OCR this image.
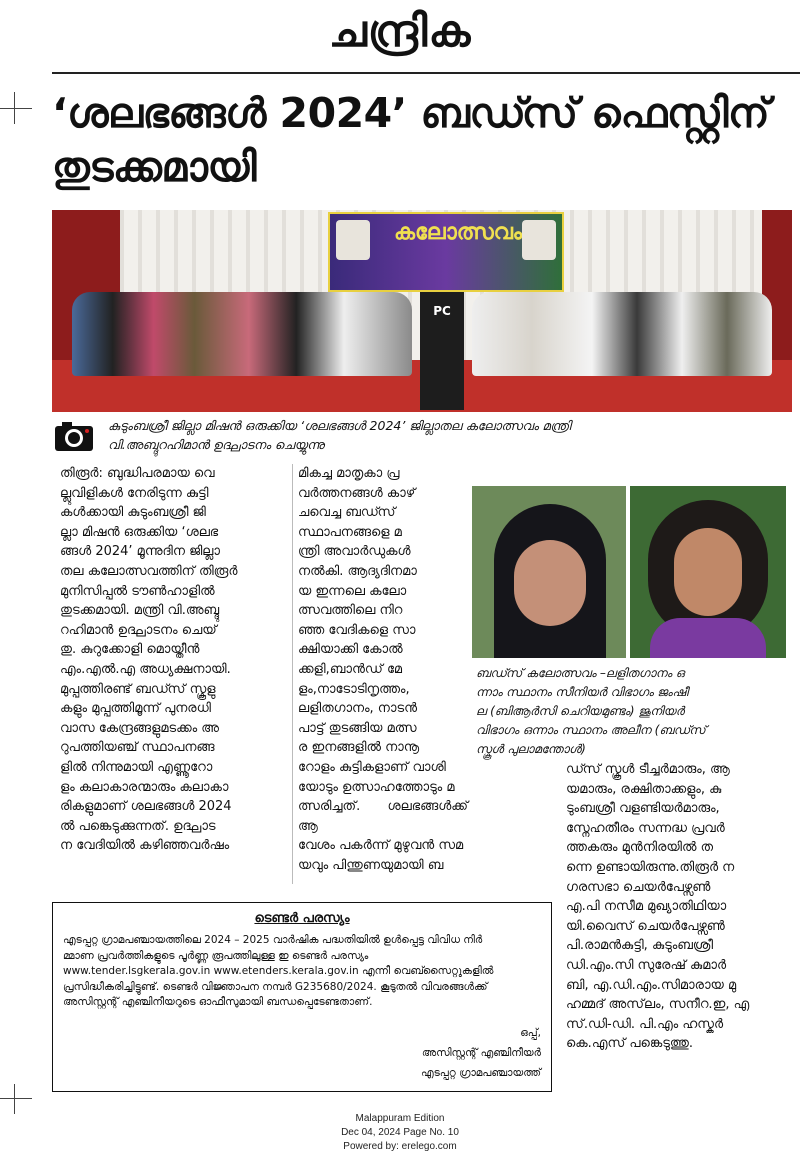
ചന്ദ്രിക
‘ശലഭങ്ങൾ 2024’ ബഡ്സ് ഫെസ്റ്റിന്
തുടക്കമായി
കലോത്സവം
PC
കുടുംബശ്രീ ജില്ലാ മിഷൻ ഒരുക്കിയ ‘ശലഭങ്ങൾ 2024’ ജില്ലാതല കലോത്സവം മന്ത്രി
വി.അബ്ദുറഹിമാൻ ഉദ്ഘാടനം ചെയ്യുന്നു
തിരൂർ: ബുദ്ധിപരമായ വെ
ല്ലുവിളികൾ നേരിടുന്ന കുട്ടി
കൾക്കായി കുടുംബശ്രീ ജി
ല്ലാ മിഷൻ ഒരുക്കിയ ‘ശലഭ
ങ്ങൾ 2024’ മൂന്നുദിന ജില്ലാ
തല കലോത്സവത്തിന് തിരൂർ
മുനിസിപ്പൽ ടൗൺഹാളിൽ
തുടക്കമായി. മന്ത്രി വി.അബ്ദു
റഹിമാൻ ഉദ്ഘാടനം ചെയ്
തു. കുറുക്കോളി മൊയ്തീൻ
എം.എൽ.എ അധ്യക്ഷനായി.
മുപ്പത്തിരണ്ട് ബഡ്സ് സ്കൂളു
കളും മുപ്പത്തിമൂന്ന് പുനരധി
വാസ കേന്ദ്രങ്ങളുമടക്കം അ
റുപത്തിയഞ്ച് സ്ഥാപനങ്ങ
ളിൽ നിന്നുമായി എണ്ണൂറോ
ളം കലാകാരന്മാരും കലാകാ
രികളുമാണ് ശലഭങ്ങൾ 2024
ൽ പങ്കെടുക്കുന്നത്. ഉദ്ഘാട
ന വേദിയിൽ കഴിഞ്ഞവർഷം
മികച്ച മാതൃകാ പ്ര
വർത്തനങ്ങൾ കാഴ്
ചവെച്ച ബഡ്സ്
സ്ഥാപനങ്ങളെ മ
ന്ത്രി അവാർഡുകൾ
നൽകി. ആദ്യദിനമാ
യ ഇന്നലെ കലോ
ത്സവത്തിലെ നിറ
ഞ്ഞ വേദികളെ സാ
ക്ഷിയാക്കി കോൽ
ക്കളി,ബാൻഡ് മേ
ളം,നാടോടിനൃത്തം,
ലളിതഗാനം, നാടൻ
പാട്ട് തുടങ്ങിയ മത്സ
ര ഇനങ്ങളിൽ നാനൂ
റോളം കുട്ടികളാണ് വാശി
യോടും ഉത്സാഹത്തോടും മ
ത്സരിച്ചത്. ശലഭങ്ങൾക്ക് ആ
വേശം പകർന്ന് മുഴുവൻ സമ
യവും പിന്തുണയുമായി ബ
ഡ്സ് സ്കൂൾ ടീച്ചർമാരും, ആ
യമാരും, രക്ഷിതാക്കളും, കു
ടുംബശ്രീ വളണ്ടിയർമാരും,
സ്നേഹതീരം സന്നദ്ധ പ്രവർ
ത്തകരും മുൻനിരയിൽ ത
ന്നെ ഉണ്ടായിരുന്നു.തിരൂർ ന
ഗരസഭാ ചെയർപേഴ്സൺ
എ.പി നസീമ മുഖ്യാതിഥിയാ
യി.വൈസ് ചെയർപേഴ്സൺ
പി.രാമൻകുട്ടി, കുടുംബശ്രീ
ഡി.എം.സി സുരേഷ് കുമാർ
ബി, എ.ഡി.എം.സിമാരായ മു
ഹമ്മദ് അസ്‌ലം, സനീറ.ഇ, എ
സ്.ഡി-ഡി. പി.എം ഹസ്കർ
കെ.എസ് പങ്കെടുത്തു.
ബഡ്സ് കലോത്സവം –ലളിതഗാനം ഒ
ന്നാം സ്ഥാനം സീനിയർ വിഭാഗം ജംഷീ
ല (ബിആർസി ചെറിയമുണ്ടം) ജൂനിയർ
വിഭാഗം ഒന്നാം സ്ഥാനം അലീന (ബഡ്സ്
സ്കൂൾ പുലാമന്തോൾ)
ടെണ്ടർ പരസ്യം
എടപ്പറ്റ ഗ്രാമപഞ്ചായത്തിലെ 2024 – 2025 വാർഷിക പദ്ധതിയിൽ ഉൾപ്പെട്ട വിവിധ നിർ
മ്മാണ പ്രവർത്തികളുടെ പൂർണ്ണ രൂപത്തിലുള്ള ഇ ടെണ്ടർ പരസ്യം
www.tender.lsgkerala.gov.in www.etenders.kerala.gov.in എന്നീ വെബ്സൈറ്റുകളിൽ
പ്രസിദ്ധീകരിച്ചിട്ടുണ്ട്. ടെണ്ടർ വിജ്ഞാപന നമ്പർ G235680/2024. കൂടുതൽ വിവരങ്ങൾക്ക്
അസിസ്റ്റന്റ് എഞ്ചിനീയറുടെ ഓഫീസുമായി ബന്ധപ്പെടേണ്ടതാണ്.
ഒപ്പ്,
അസിസ്റ്റന്റ് എഞ്ചിനീയർ
എടപ്പറ്റ ഗ്രാമപഞ്ചായത്ത്
Malappuram Edition
Dec 04, 2024 Page No. 10
Powered by: erelego.com
